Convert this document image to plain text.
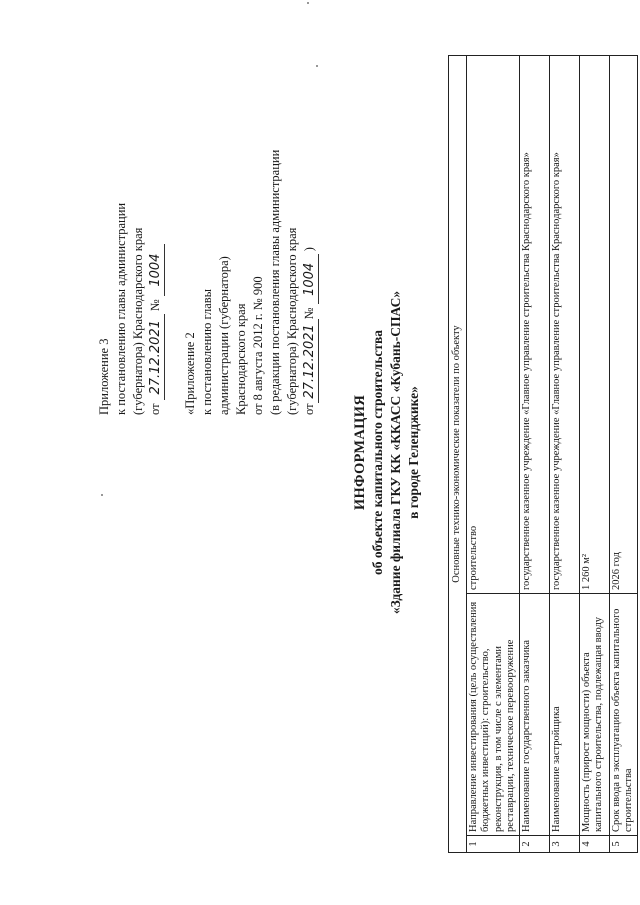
Приложение 3 к постановлению главы администрации (губернатора) Краснодарского края от 27.12.2021 № 1004
«Приложение 2 к постановлению главы администрации (губернатора) Краснодарского края от 8 августа 2012 г. № 900 (в редакции постановления главы администрации (губернатора) Краснодарского края от27.12.2021№ 1004 )
ИНФОРМАЦИЯ об объекте капитального строительства «Здание филиала ГКУ КК «ККАСС «Кубань-СПАС» в городе Геленджике»	Основные технико-экономические показатели по объекту		
1	Направление инвестирования (цель осуществления бюджетных инвестиций): строительство, реконструкция, в том числе с элементами реставрации, техническое перевооружение	строительство
2	Наименование государственного заказчика	государственное казенное учреждение «Главное управление строительства Краснодарского края»
3	Наименование застройщика	государственное казенное учреждение «Главное управление строительства Краснодарского края»
4	Мощность (прирост мощности) объекта капитального строительства, подлежащая вводу	1 260 м²
5	Срок ввода в эксплуатацию объекта капитального строительства	2026 год
